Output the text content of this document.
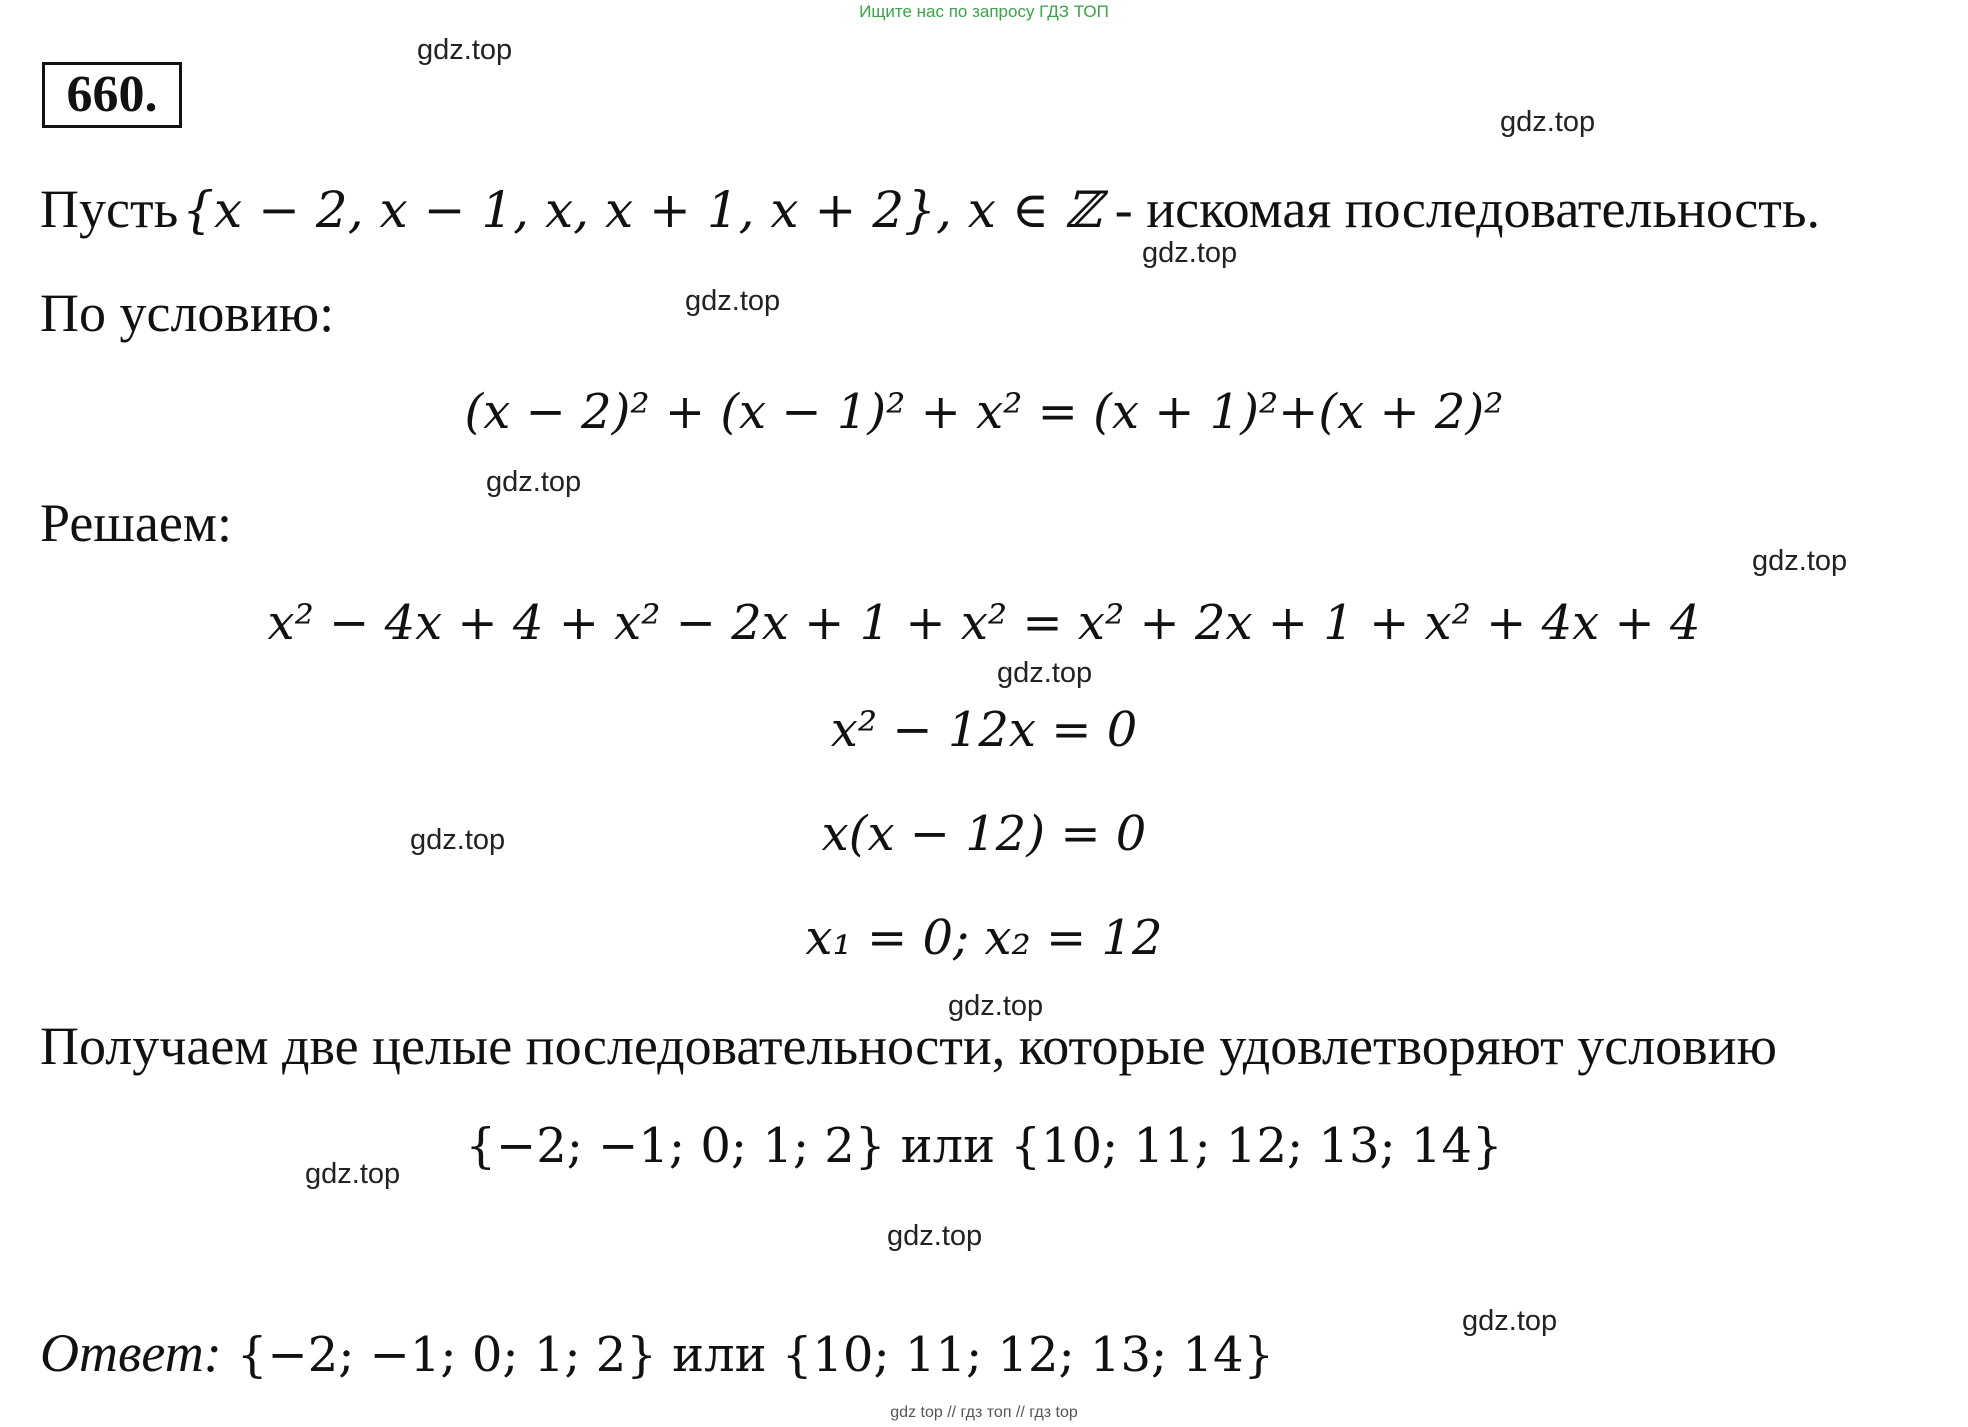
Ищите нас по запросу ГДЗ ТОП
660.
gdz.top
gdz.top
gdz.top
gdz.top
gdz.top
gdz.top
gdz.top
gdz.top
gdz.top
gdz.top
gdz.top
gdz.top
Пусть {x − 2, x − 1, x, x + 1, x + 2}, x ∈ ℤ - искомая последовательность.
По условию:
(x − 2)² + (x − 1)² + x² = (x + 1)²+(x + 2)²
Решаем:
x² − 4x + 4 + x² − 2x + 1 + x² = x² + 2x + 1 + x² + 4x + 4
x² − 12x = 0
x(x − 12) = 0
x₁ = 0; x₂ = 12
Получаем две целые последовательности, которые удовлетворяют условию
{−2; −1; 0; 1; 2} или {10; 11; 12; 13; 14}
Ответ: {−2; −1; 0; 1; 2} или {10; 11; 12; 13; 14}
gdz top // гдз топ // гдз top
